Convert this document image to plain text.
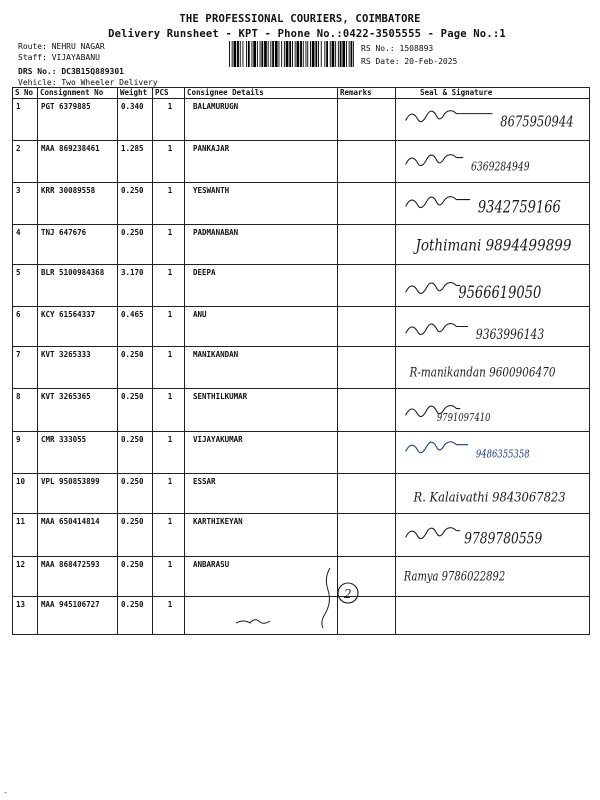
THE PROFESSIONAL COURIERS, COIMBATORE
Delivery Runsheet - KPT - Phone No.:0422-3505555 - Page No.:1
Route: NEHRU NAGAR
Staff: VIJAYABANU
DRS No.: DC3B15Q889301
Vehicle: Two Wheeler Delivery
RS No.: 1508893
RS Date: 20-Feb-2025
S No	Consignment No	Weight	PCS	Consignee Details	Remarks	Seal & Signature
1	PGT 6379885	0.340	1	BALAMURUGN		8675950944

2	MAA 869238461	1.285	1	PANKAJAR		6369284949

3	KRR 30089558	0.250	1	YESWANTH		9342759166

4	TNJ 647676	0.250	1	PADMANABAN		Jothimani 9894499899

5	BLR 5100984368	3.170	1	DEEPA		9566619050

6	KCY 61564337	0.465	1	ANU		9363996143

7	KVT 3265333	0.250	1	MANIKANDAN		R-manikandan 9600906470

8	KVT 3265365	0.250	1	SENTHILKUMAR		9791097410

9	CMR 333055	0.250	1	VIJAYAKUMAR		9486355358

10	VPL 950853899	0.250	1	ESSAR		R. Kalaivathi 9843067823

11	MAA 650414814	0.250	1	KARTHIKEYAN		9789780559

12	MAA 868472593	0.250	1	ANBARASU		Ramya 9786022892

13	MAA 945106727	0.250	1			
-
2
